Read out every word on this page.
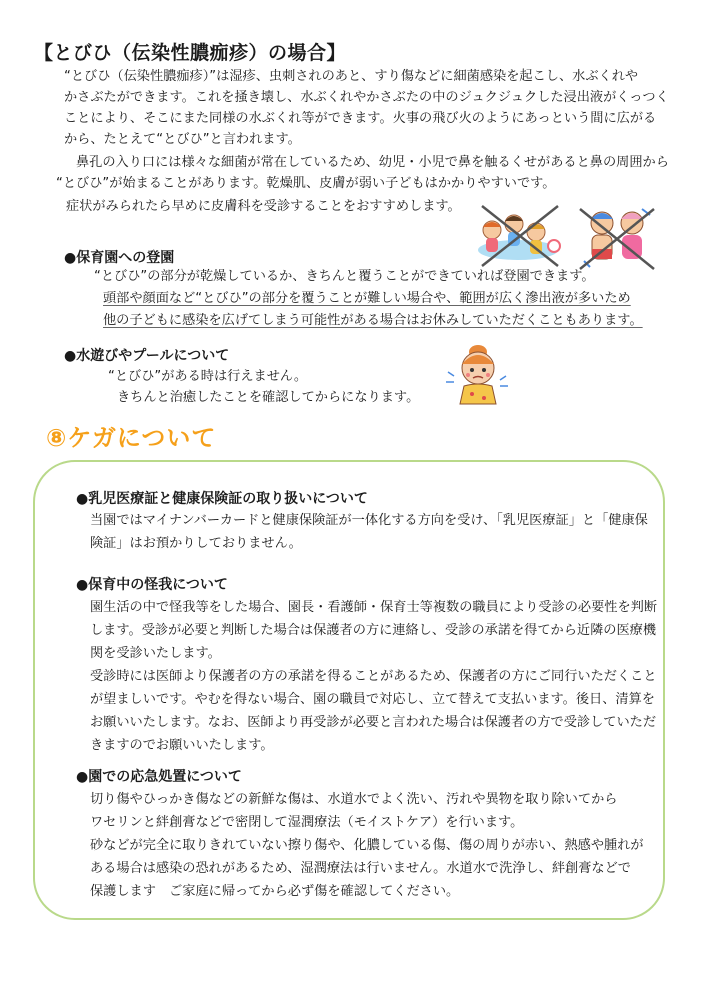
【とびひ（伝染性膿痂疹）の場合】
“とびひ（伝染性膿痂疹）”は湿疹、虫刺されのあと、すり傷などに細菌感染を起こし、水ぶくれや
かさぶたができます。これを掻き壊し、水ぶくれやかさぶたの中のジュクジュクした浸出液がくっつく
ことにより、そこにまた同様の水ぶくれ等ができます。火事の飛び火のようにあっという間に広がる
から、たとえて“とびひ”と言われます。
鼻孔の入り口には様々な細菌が常在しているため、幼児・小児で鼻を触るくせがあると鼻の周囲から
“とびひ”が始まることがあります。乾燥肌、皮膚が弱い子どもはかかりやすいです。
症状がみられたら早めに皮膚科を受診することをおすすめします。
●保育園への登園
“とびひ”の部分が乾燥しているか、きちんと覆うことができていれば登園できます。
頭部や顔面など“とびひ”の部分を覆うことが難しい場合や、範囲が広く滲出液が多いため
他の子どもに感染を広げてしまう可能性がある場合はお休みしていただくこともあります。
●水遊びやプールについて
“とびひ”がある時は行えません。
きちんと治癒したことを確認してからになります。
⑧ケガについて
●乳児医療証と健康保険証の取り扱いについて
当園ではマイナンバーカードと健康保険証が一体化する方向を受け、「乳児医療証」と「健康保
険証」はお預かりしておりません。
●保育中の怪我について
園生活の中で怪我等をした場合、園長・看護師・保育士等複数の職員により受診の必要性を判断
します。受診が必要と判断した場合は保護者の方に連絡し、受診の承諾を得てから近隣の医療機
関を受診いたします。
受診時には医師より保護者の方の承諾を得ることがあるため、保護者の方にご同行いただくこと
が望ましいです。やむを得ない場合、園の職員で対応し、立て替えて支払います。後日、清算を
お願いいたします。なお、医師より再受診が必要と言われた場合は保護者の方で受診していただ
きますのでお願いいたします。
●園での応急処置について
切り傷やひっかき傷などの新鮮な傷は、水道水でよく洗い、汚れや異物を取り除いてから
ワセリンと絆創膏などで密閉して湿潤療法（モイストケア）を行います。
砂などが完全に取りきれていない擦り傷や、化膿している傷、傷の周りが赤い、熱感や腫れが
ある場合は感染の恐れがあるため、湿潤療法は行いません。水道水で洗浄し、絆創膏などで
保護します　ご家庭に帰ってから必ず傷を確認してください。
